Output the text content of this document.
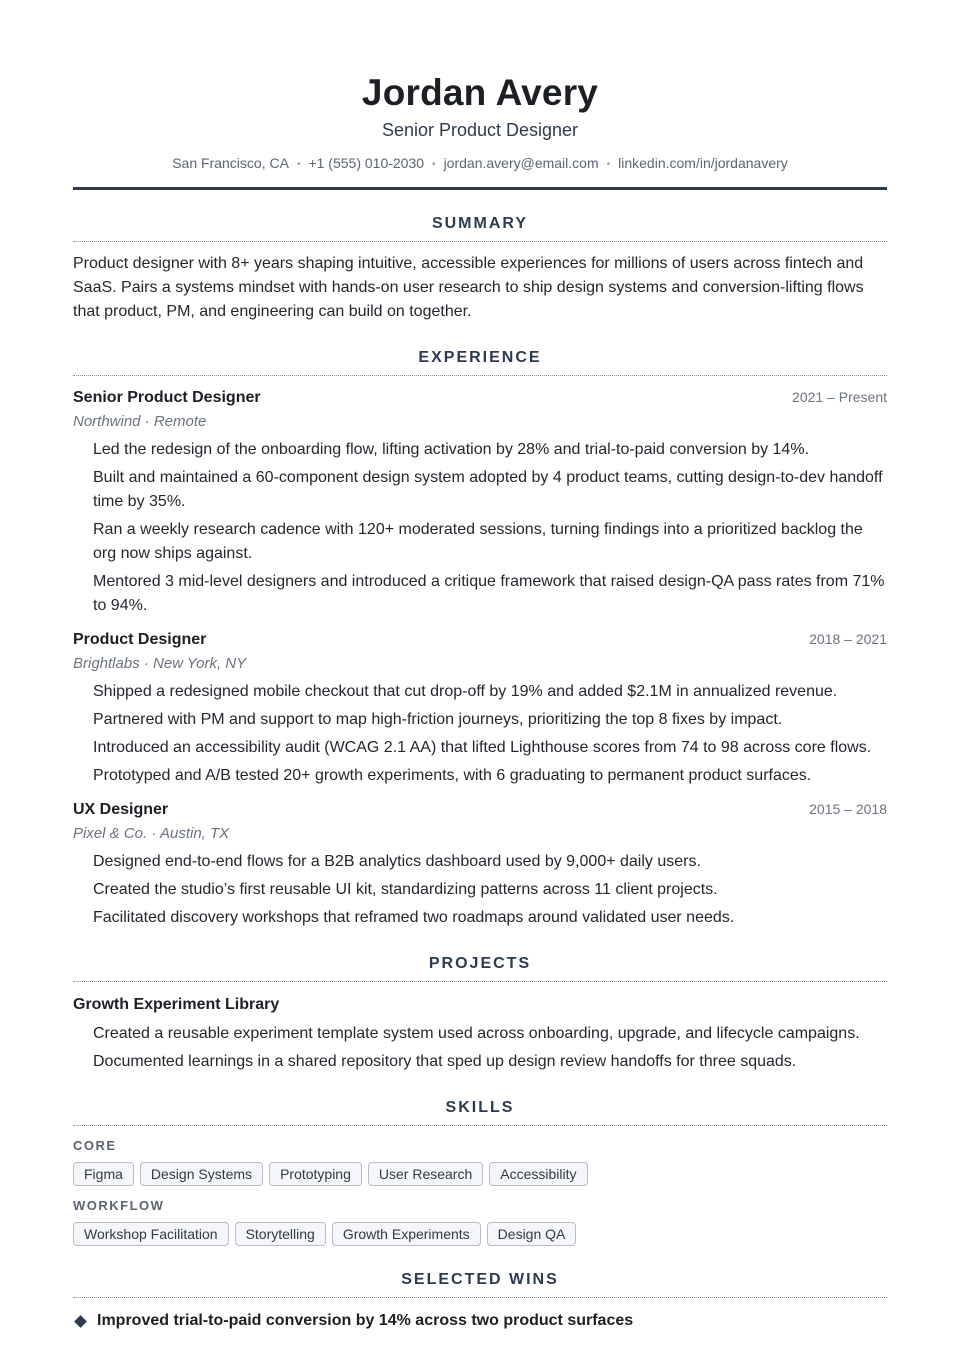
Jordan Avery
Senior Product Designer
San Francisco, CA • +1 (555) 010-2030 • jordan.avery@email.com • linkedin.com/in/jordanavery
SUMMARY
Product designer with 8+ years shaping intuitive, accessible experiences for millions of users across fintech and SaaS. Pairs a systems mindset with hands-on user research to ship design systems and conversion-lifting flows that product, PM, and engineering can build on together.
EXPERIENCE
Senior Product Designer	2021 – Present
Northwind · Remote
Led the redesign of the onboarding flow, lifting activation by 28% and trial-to-paid conversion by 14%.
Built and maintained a 60-component design system adopted by 4 product teams, cutting design-to-dev handoff time by 35%.
Ran a weekly research cadence with 120+ moderated sessions, turning findings into a prioritized backlog the org now ships against.
Mentored 3 mid-level designers and introduced a critique framework that raised design-QA pass rates from 71% to 94%.
Product Designer	2018 – 2021
Brightlabs · New York, NY
Shipped a redesigned mobile checkout that cut drop-off by 19% and added $2.1M in annualized revenue.
Partnered with PM and support to map high-friction journeys, prioritizing the top 8 fixes by impact.
Introduced an accessibility audit (WCAG 2.1 AA) that lifted Lighthouse scores from 74 to 98 across core flows.
Prototyped and A/B tested 20+ growth experiments, with 6 graduating to permanent product surfaces.
UX Designer	2015 – 2018
Pixel & Co. · Austin, TX
Designed end-to-end flows for a B2B analytics dashboard used by 9,000+ daily users.
Created the studio’s first reusable UI kit, standardizing patterns across 11 client projects.
Facilitated discovery workshops that reframed two roadmaps around validated user needs.
PROJECTS
Growth Experiment Library
Created a reusable experiment template system used across onboarding, upgrade, and lifecycle campaigns.
Documented learnings in a shared repository that sped up design review handoffs for three squads.
SKILLS
CORE
Figma	Design Systems	Prototyping	User Research	Accessibility
WORKFLOW
Workshop Facilitation	Storytelling	Growth Experiments	Design QA
SELECTED WINS
Improved trial-to-paid conversion by 14% across two product surfaces
